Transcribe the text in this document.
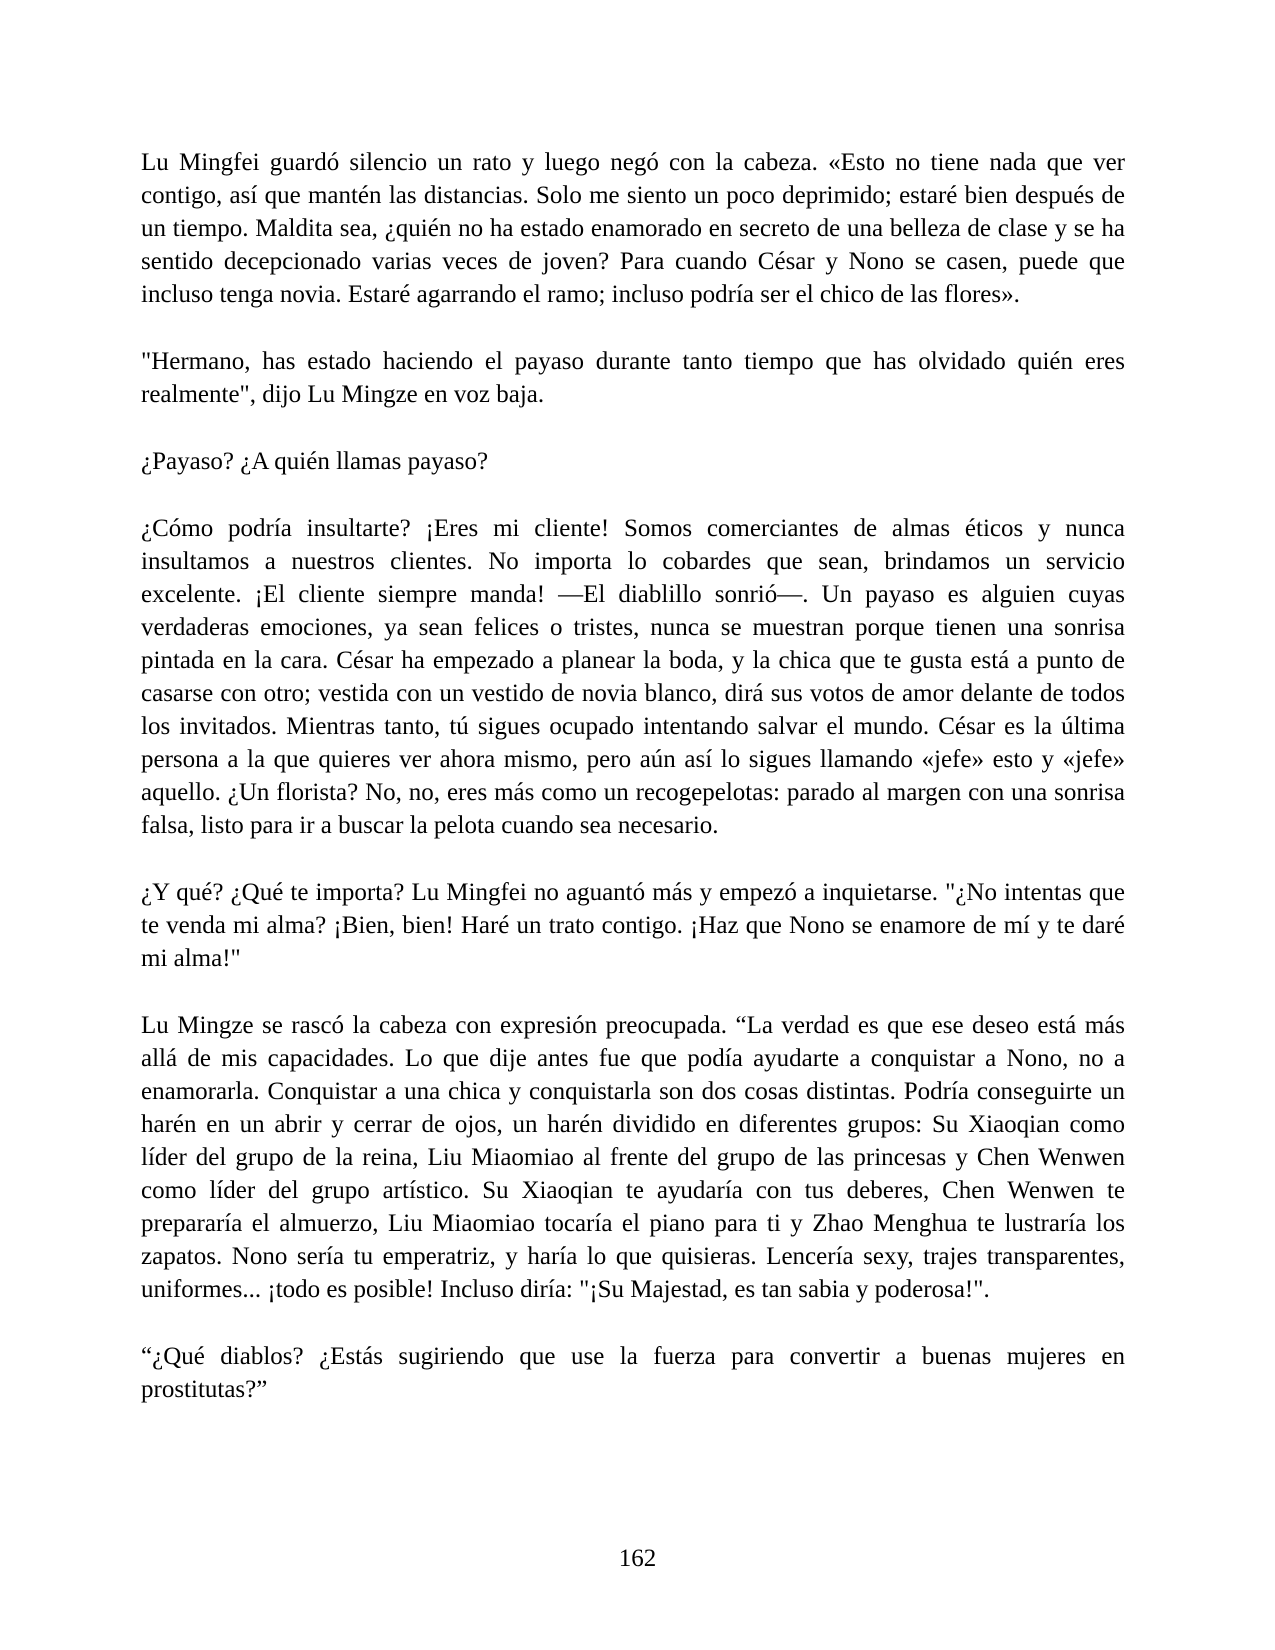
Lu Mingfei guardó silencio un rato y luego negó con la cabeza. «Esto no tiene nada que ver
contigo, así que mantén las distancias. Solo me siento un poco deprimido; estaré bien después de
un tiempo. Maldita sea, ¿quién no ha estado enamorado en secreto de una belleza de clase y se ha
sentido decepcionado varias veces de joven? Para cuando César y Nono se casen, puede que
incluso tenga novia. Estaré agarrando el ramo; incluso podría ser el chico de las flores».
"Hermano, has estado haciendo el payaso durante tanto tiempo que has olvidado quién eres
realmente", dijo Lu Mingze en voz baja.
¿Payaso? ¿A quién llamas payaso?
¿Cómo podría insultarte? ¡Eres mi cliente! Somos comerciantes de almas éticos y nunca
insultamos a nuestros clientes. No importa lo cobardes que sean, brindamos un servicio
excelente. ¡El cliente siempre manda! —El diablillo sonrió—. Un payaso es alguien cuyas
verdaderas emociones, ya sean felices o tristes, nunca se muestran porque tienen una sonrisa
pintada en la cara. César ha empezado a planear la boda, y la chica que te gusta está a punto de
casarse con otro; vestida con un vestido de novia blanco, dirá sus votos de amor delante de todos
los invitados. Mientras tanto, tú sigues ocupado intentando salvar el mundo. César es la última
persona a la que quieres ver ahora mismo, pero aún así lo sigues llamando «jefe» esto y «jefe»
aquello. ¿Un florista? No, no, eres más como un recogepelotas: parado al margen con una sonrisa
falsa, listo para ir a buscar la pelota cuando sea necesario.
¿Y qué? ¿Qué te importa? Lu Mingfei no aguantó más y empezó a inquietarse. "¿No intentas que
te venda mi alma? ¡Bien, bien! Haré un trato contigo. ¡Haz que Nono se enamore de mí y te daré
mi alma!"
Lu Mingze se rascó la cabeza con expresión preocupada. “La verdad es que ese deseo está más
allá de mis capacidades. Lo que dije antes fue que podía ayudarte a conquistar a Nono, no a
enamorarla. Conquistar a una chica y conquistarla son dos cosas distintas. Podría conseguirte un
harén en un abrir y cerrar de ojos, un harén dividido en diferentes grupos: Su Xiaoqian como
líder del grupo de la reina, Liu Miaomiao al frente del grupo de las princesas y Chen Wenwen
como líder del grupo artístico. Su Xiaoqian te ayudaría con tus deberes, Chen Wenwen te
prepararía el almuerzo, Liu Miaomiao tocaría el piano para ti y Zhao Menghua te lustraría los
zapatos. Nono sería tu emperatriz, y haría lo que quisieras. Lencería sexy, trajes transparentes,
uniformes... ¡todo es posible! Incluso diría: "¡Su Majestad, es tan sabia y poderosa!".
“¿Qué diablos? ¿Estás sugiriendo que use la fuerza para convertir a buenas mujeres en
prostitutas?”
162
